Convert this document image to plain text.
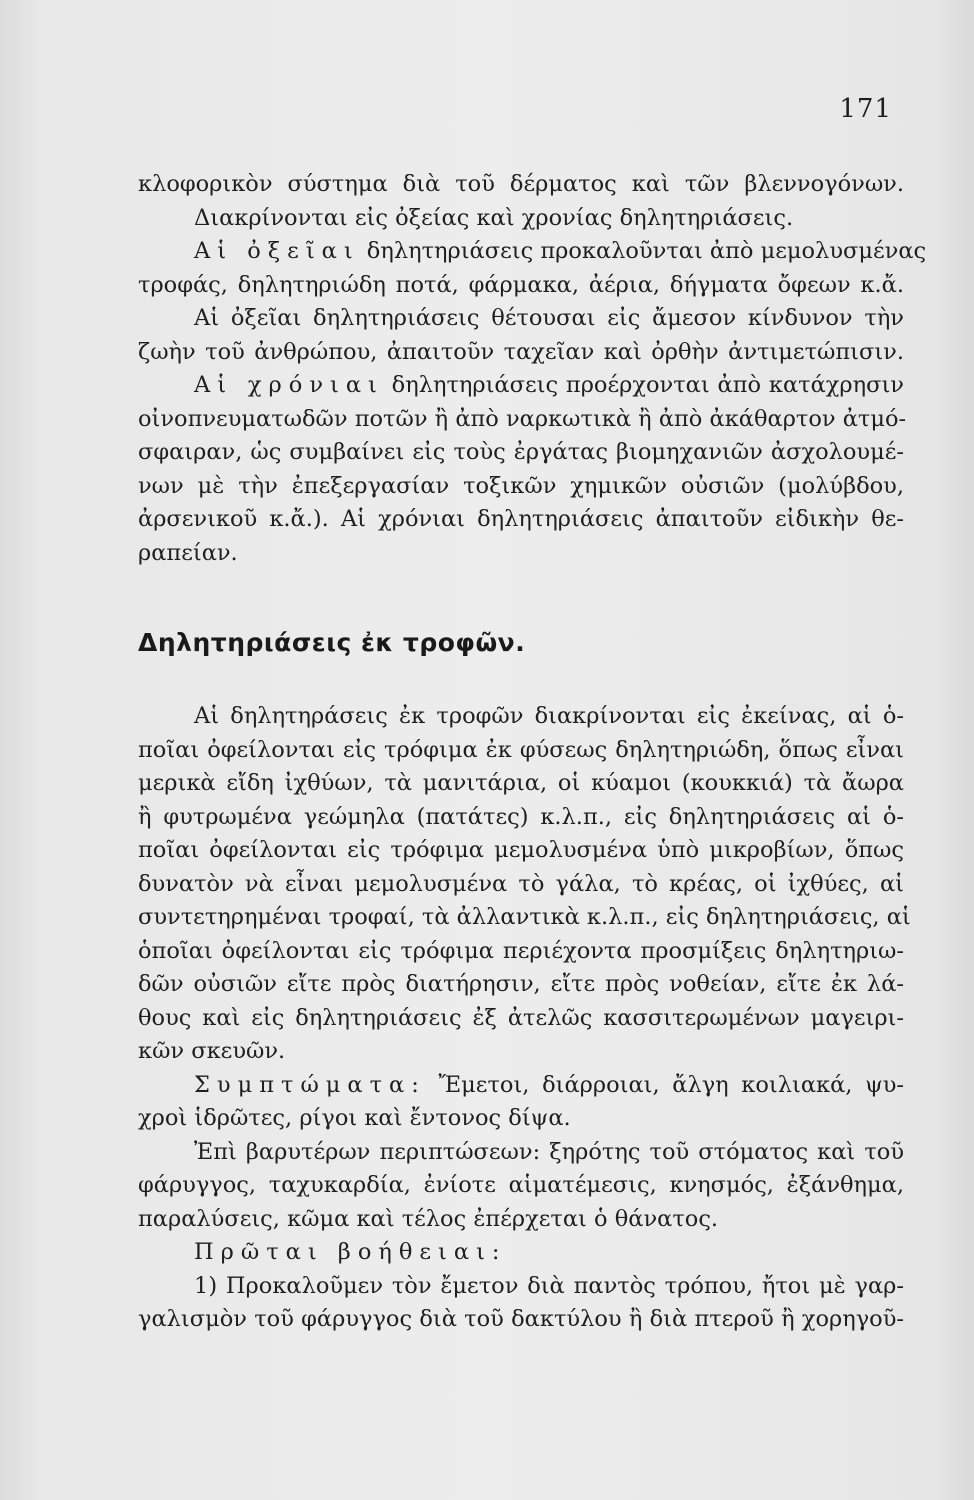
171
κλοφορικὸν σύστημα διὰ τοῦ δέρματος καὶ τῶν βλεννογόνων.
Διακρίνονται εἰς ὀξείας καὶ χρονίας δηλητηριάσεις.
Αἱ ὀξεῖαι δηλητηριάσεις προκαλοῦνται ἀπὸ μεμολυσμένας
τροφάς, δηλητηριώδη ποτά, φάρμακα, ἀέρια, δήγματα ὄφεων κ.ἄ.
Αἱ ὀξεῖαι δηλητηριάσεις θέτουσαι εἰς ἄμεσον κίνδυνον τὴν
ζωὴν τοῦ ἀνθρώπου, ἀπαιτοῦν ταχεῖαν καὶ ὀρθὴν ἀντιμετώπισιν.
Αἱ χρόνιαι δηλητηριάσεις προέρχονται ἀπὸ κατάχρησιν
οἰνοπνευματωδῶν ποτῶν ἢ ἀπὸ ναρκωτικὰ ἢ ἀπὸ ἀκάθαρτον ἀτμό-
σφαιραν, ὡς συμβαίνει εἰς τοὺς ἐργάτας βιομηχανιῶν ἀσχολουμέ-
νων μὲ τὴν ἐπεξεργασίαν τοξικῶν χημικῶν οὐσιῶν (μολύβδου,
ἀρσενικοῦ κ.ἄ.). Αἱ χρόνιαι δηλητηριάσεις ἀπαιτοῦν εἰδικὴν θε-
ραπείαν.
Δηλητηριάσεις ἐκ τροφῶν.
Αἱ δηλητηράσεις ἐκ τροφῶν διακρίνονται εἰς ἐκείνας, αἱ ὁ-
ποῖαι ὀφείλονται εἰς τρόφιμα ἐκ φύσεως δηλητηριώδη, ὅπως εἶναι
μερικὰ εἴδη ἰχθύων, τὰ μανιτάρια, οἱ κύαμοι (κουκκιά) τὰ ἄωρα
ἢ φυτρωμένα γεώμηλα (πατάτες) κ.λ.π., εἰς δηλητηριάσεις αἱ ὁ-
ποῖαι ὀφείλονται εἰς τρόφιμα μεμολυσμένα ὑπὸ μικροβίων, ὅπως
δυνατὸν νὰ εἶναι μεμολυσμένα τὸ γάλα, τὸ κρέας, οἱ ἰχθύες, αἱ
συντετηρημέναι τροφαί, τὰ ἀλλαντικὰ κ.λ.π., εἰς δηλητηριάσεις, αἱ
ὁποῖαι ὀφείλονται εἰς τρόφιμα περιέχοντα προσμίξεις δηλητηριω-
δῶν οὐσιῶν εἴτε πρὸς διατήρησιν, εἴτε πρὸς νοθείαν, εἴτε ἐκ λά-
θους καὶ εἰς δηλητηριάσεις ἐξ ἀτελῶς κασσιτερωμένων μαγειρι-
κῶν σκευῶν.
Συμπτώματα: Ἔμετοι, διάρροιαι, ἄλγη κοιλιακά, ψυ-
χροὶ ἱδρῶτες, ρίγοι καὶ ἔντονος δίψα.
Ἐπὶ βαρυτέρων περιπτώσεων: ξηρότης τοῦ στόματος καὶ τοῦ
φάρυγγος, ταχυκαρδία, ἐνίοτε αἱματέμεσις, κνησμός, ἐξάνθημα,
παραλύσεις, κῶμα καὶ τέλος ἐπέρχεται ὁ θάνατος.
Πρῶται βοήθειαι:
1) Προκαλοῦμεν τὸν ἔμετον διὰ παντὸς τρόπου, ἤτοι μὲ γαρ-
γαλισμὸν τοῦ φάρυγγος διὰ τοῦ δακτύλου ἢ διὰ πτεροῦ ἢ χορηγοῦ-
